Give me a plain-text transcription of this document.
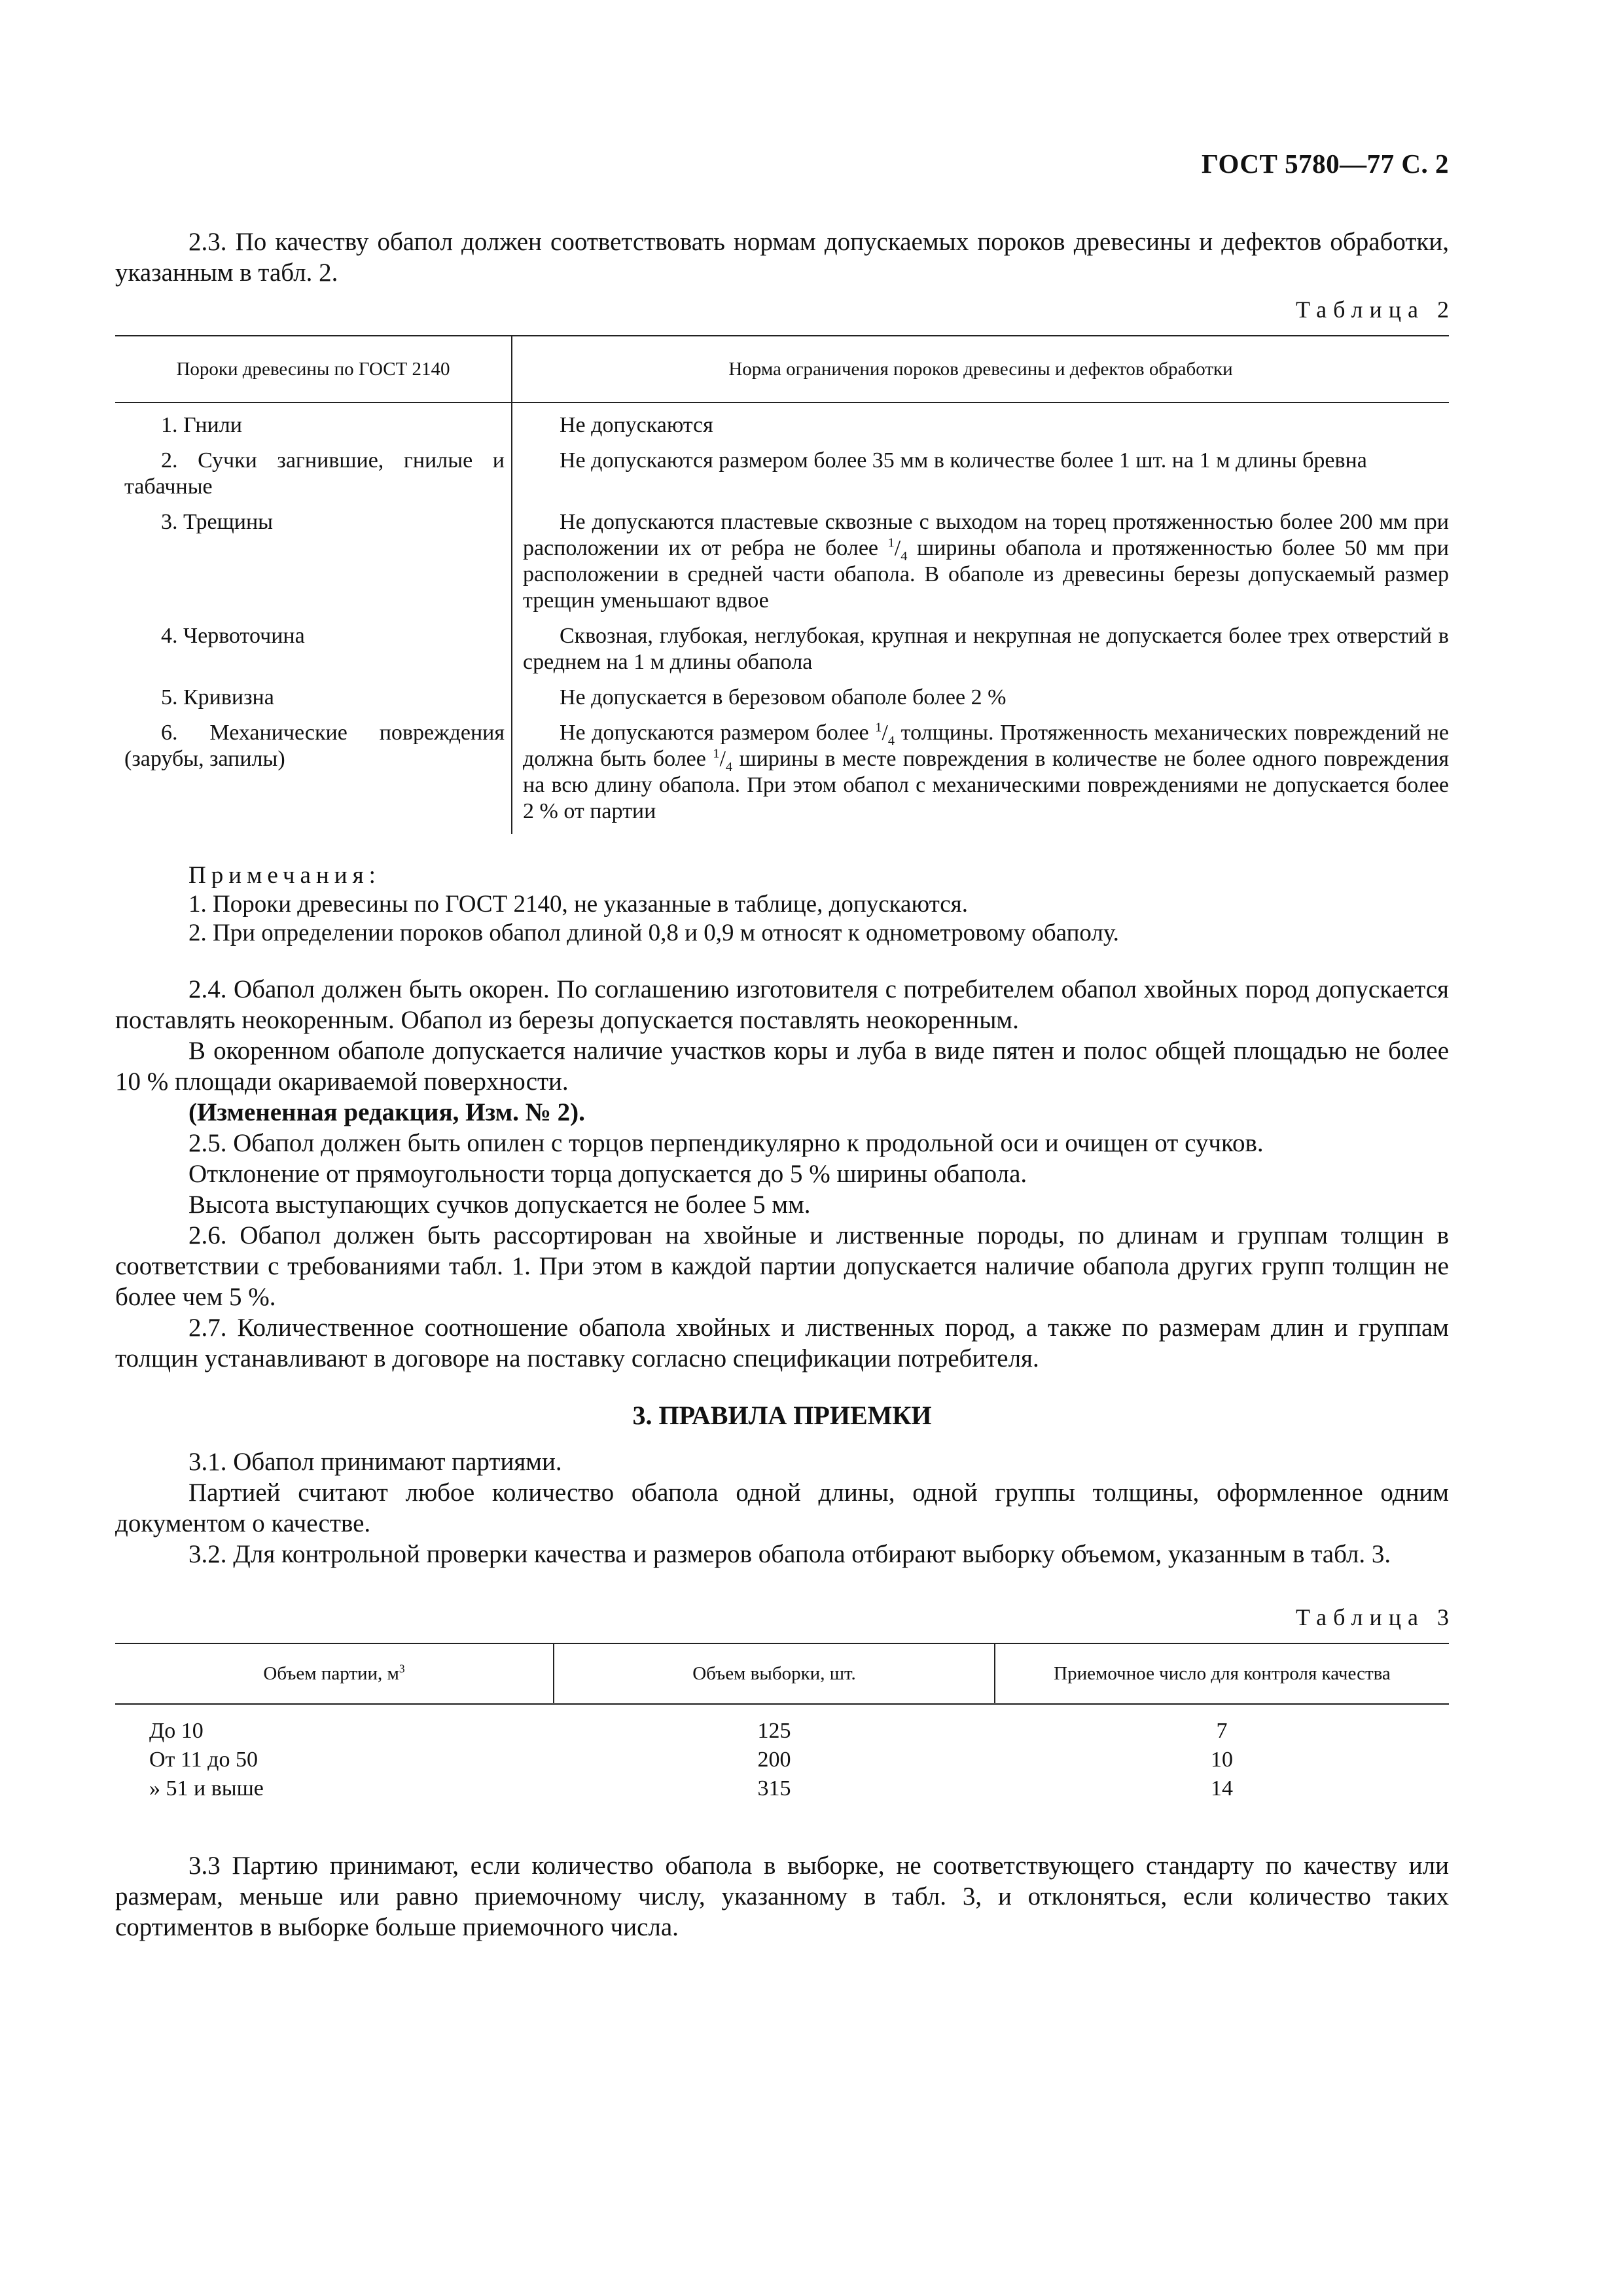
ГОСТ 5780—77 С. 2

2.3. По качеству обапол должен соответствовать нормам допускаемых пороков древесины и дефектов обработки, указанным в табл. 2.

Таблица 2
Пороки древесины по ГОСТ 2140	Норма ограничения пороков древесины и дефектов обработки

1. Гнили	Не допускаются

2. Сучки загнившие, гнилые и табачные	Не допускаются размером более 35 мм в количестве более 1 шт. на 1 м длины бревна

3. Трещины	Не допускаются пластевые сквозные с выходом на торец протяженностью более 200 мм при расположении их от ребра не более $^1/_4$ ширины обапола и протяженностью более 50 мм при расположении в средней части обапола. В обаполе из древесины березы допускаемый размер трещин уменьшают вдвое

4. Червоточина	Сквозная, глубокая, неглубокая, крупная и некрупная не допускается более трех отверстий в среднем на 1 м длины обапола

5. Кривизна	Не допускается в березовом обаполе более 2 %

6. Механические повреждения (зарубы, запилы)	Не допускаются размером более $^1/_4$ толщины. Протяженность механических повреждений не должна быть более $^1/_4$ ширины в месте повреждения в количестве не более одного повреждения на всю длину обапола. При этом обапол с механическими повреждениями не допускается более 2 % от партии

Примечания:
1. Пороки древесины по ГОСТ 2140, не указанные в таблице, допускаются.
2. При определении пороков обапол длиной 0,8 и 0,9 м относят к однометровому обаполу.

2.4. Обапол должен быть окорен. По соглашению изготовителя с потребителем обапол хвойных пород допускается поставлять неокоренным. Обапол из березы допускается поставлять неокоренным.

В окоренном обаполе допускается наличие участков коры и луба в виде пятен и полос общей площадью не более 10 % площади окариваемой поверхности.

(Измененная редакция, Изм. № 2).

2.5. Обапол должен быть опилен с торцов перпендикулярно к продольной оси и очищен от сучков.

Отклонение от прямоугольности торца допускается до 5 % ширины обапола.

Высота выступающих сучков допускается не более 5 мм.

2.6. Обапол должен быть рассортирован на хвойные и лиственные породы, по длинам и группам толщин в соответствии с требованиями табл. 1. При этом в каждой партии допускается наличие обапола других групп толщин не более чем 5 %.

2.7. Количественное соотношение обапола хвойных и лиственных пород, а также по размерам длин и группам толщин устанавливают в договоре на поставку согласно спецификации потребителя.

3. ПРАВИЛА ПРИЕМКИ

3.1. Обапол принимают партиями.

Партией считают любое количество обапола одной длины, одной группы толщины, оформленное одним документом о качестве.

3.2. Для контрольной проверки качества и размеров обапола отбирают выборку объемом, указанным в табл. 3.

Таблица 3
Объем партии, $м^3$	Объем выборки, шт.	Приемочное число для контроля качества
До 10	125	7
От 11 до 50	200	10
» 51 и выше	315	14

3.3 Партию принимают, если количество обапола в выборке, не соответствующего стандарту по качеству или размерам, меньше или равно приемочному числу, указанному в табл. 3, и отклоняться, если количество таких сортиментов в выборке больше приемочного числа.
